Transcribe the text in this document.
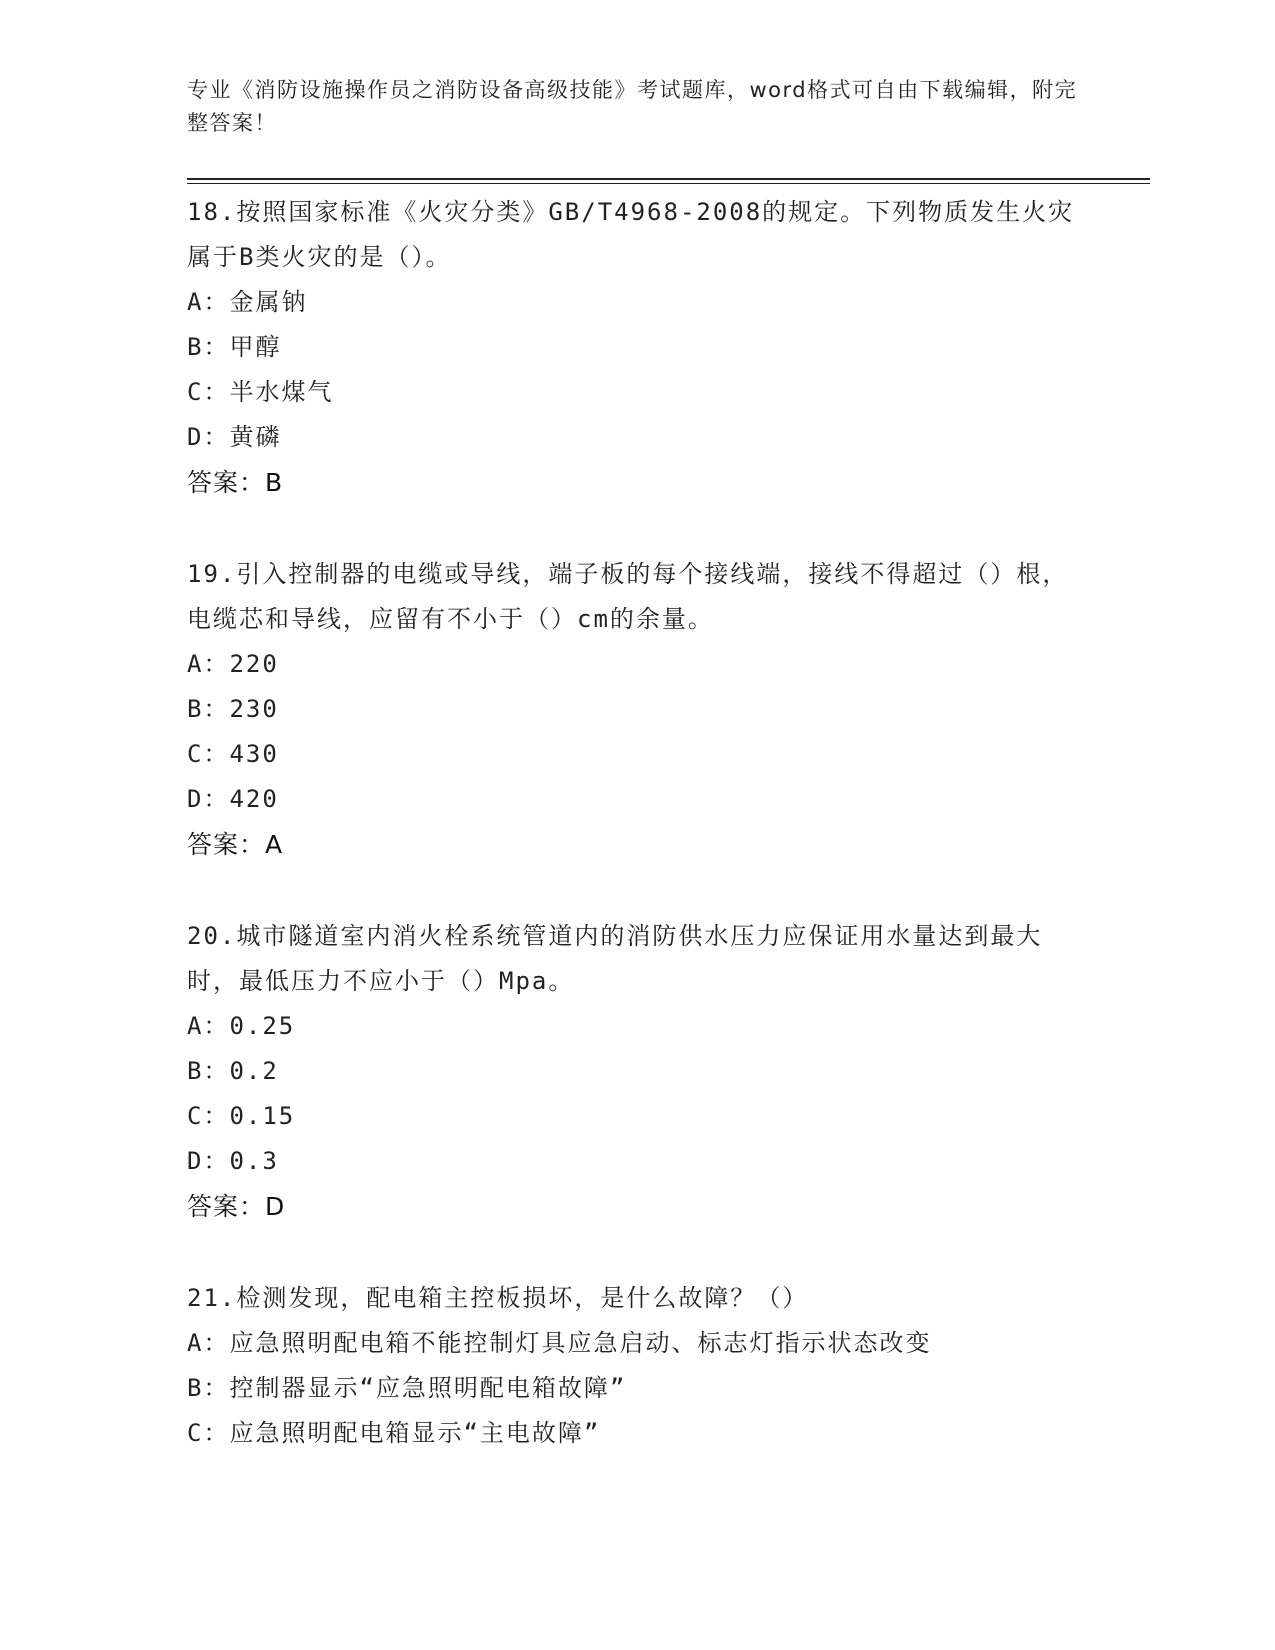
专业《消防设施操作员之消防设备高级技能》考试题库，word格式可自由下载编辑，附完整答案！
18.按照国家标准《火灾分类》GB/T4968-2008的规定。下列物质发生火灾属于B类火灾的是（）。
A：金属钠
B：甲醇
C：半水煤气
D：黄磷
答案：B
19.引入控制器的电缆或导线，端子板的每个接线端，接线不得超过（）根，电缆芯和导线，应留有不小于（）cm的余量。
A：220
B：230
C：430
D：420
答案：A
20.城市隧道室内消火栓系统管道内的消防供水压力应保证用水量达到最大时，最低压力不应小于（）Mpa。
A：0.25
B：0.2
C：0.15
D：0.3
答案：D
21.检测发现，配电箱主控板损坏，是什么故障？（）
A：应急照明配电箱不能控制灯具应急启动、标志灯指示状态改变
B：控制器显示“应急照明配电箱故障”
C：应急照明配电箱显示“主电故障”
